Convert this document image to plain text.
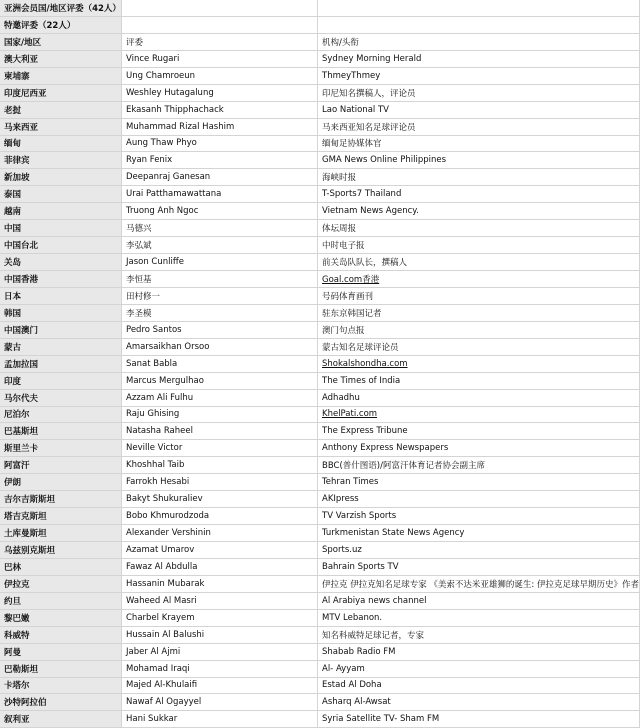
亚洲会员国/地区评委（42人）
特邀评委（22人）
国家/地区	评委	机构/头衔
澳大利亚	Vince Rugari	Sydney Morning Herald
柬埔寨	Ung Chamroeun	ThmeyThmey
印度尼西亚	Weshley Hutagalung	印尼知名撰稿人，评论员
老挝	Ekasanh Thipphachack	Lao National TV
马来西亚	Muhammad Rizal Hashim	马来西亚知名足球评论员
缅甸	Aung Thaw Phyo	缅甸足协媒体官
菲律宾	Ryan Fenix	GMA News Online Philippines
新加坡	Deepanraj Ganesan	海峡时报
泰国	Urai Patthamawattana	T-Sports7 Thailand
越南	Truong Anh Ngoc	Vietnam News Agency.
中国	马德兴	体坛周报
中国台北	李弘斌	中时电子报
关岛	Jason Cunliffe	前关岛队队长，撰稿人
中国香港	李恒基	Goal.com香港
日本	田村修一	号码体育画刊
韩国	李圣模	驻东京韩国记者
中国澳门	Pedro Santos	澳门句点报
蒙古	Amarsaikhan Orsoo	蒙古知名足球评论员
孟加拉国	Sanat Babla	Shokalshondha.com
印度	Marcus Mergulhao	The Times of India
马尔代夫	Azzam Ali Fulhu	Adhadhu
尼泊尔	Raju Ghising	KhelPati.com
巴基斯坦	Natasha Raheel	The Express Tribune
斯里兰卡	Neville Victor	Anthony Express Newspapers
阿富汗	Khoshhal Taib	BBC(普什图语)/阿富汗体育记者协会副主席
伊朗	Farrokh Hesabi	Tehran Times
吉尔吉斯斯坦	Bakyt Shukuraliev	AKIpress
塔吉克斯坦	Bobo Khmurodzoda	TV Varzish Sports
土库曼斯坦	Alexander Vershinin	Turkmenistan State News Agency
乌兹别克斯坦	Azamat Umarov	Sports.uz
巴林	Fawaz Al Abdulla	Bahrain Sports TV
伊拉克	Hassanin Mubarak	伊拉克 伊拉克知名足球专家 《美索不达米亚雄狮的诞生: 伊拉克足球早期历史》作者
约旦	Waheed Al Masri	Al Arabiya news channel
黎巴嫩	Charbel Krayem	MTV Lebanon.
科威特	Hussain Al Balushi	知名科威特足球记者，专家
阿曼	Jaber Al Ajmi	Shabab Radio FM
巴勒斯坦	Mohamad Iraqi	Al- Ayyam
卡塔尔	Majed Al-Khulaifi	Estad Al Doha
沙特阿拉伯	Nawaf Al Ogayyel	Asharq Al-Awsat
叙利亚	Hani Sukkar	Syria Satellite TV- Sham FM
